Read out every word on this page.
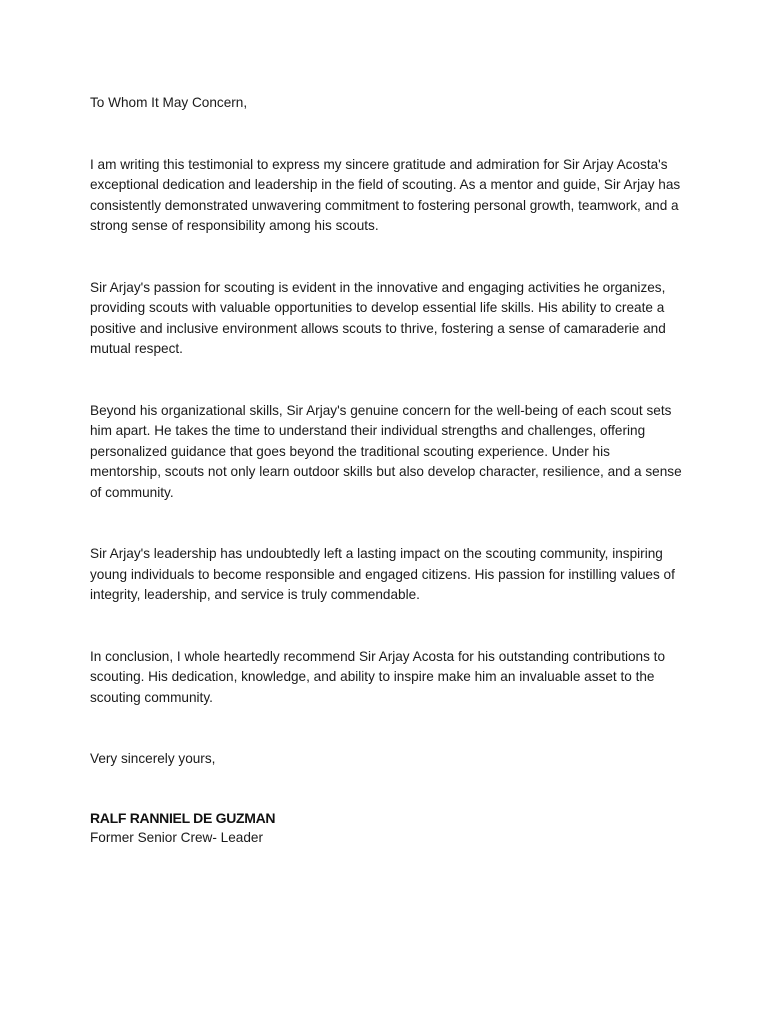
To Whom It May Concern,

I am writing this testimonial to express my sincere gratitude and admiration for Sir Arjay Acosta's exceptional dedication and leadership in the field of scouting. As a mentor and guide, Sir Arjay has consistently demonstrated unwavering commitment to fostering personal growth, teamwork, and a strong sense of responsibility among his scouts.

Sir Arjay's passion for scouting is evident in the innovative and engaging activities he organizes, providing scouts with valuable opportunities to develop essential life skills. His ability to create a positive and inclusive environment allows scouts to thrive, fostering a sense of camaraderie and mutual respect.

Beyond his organizational skills, Sir Arjay's genuine concern for the well-being of each scout sets him apart. He takes the time to understand their individual strengths and challenges, offering personalized guidance that goes beyond the traditional scouting experience. Under his mentorship, scouts not only learn outdoor skills but also develop character, resilience, and a sense of community.

Sir Arjay's leadership has undoubtedly left a lasting impact on the scouting community, inspiring young individuals to become responsible and engaged citizens. His passion for instilling values of integrity, leadership, and service is truly commendable.

In conclusion, I whole heartedly recommend Sir Arjay Acosta for his outstanding contributions to scouting. His dedication, knowledge, and ability to inspire make him an invaluable asset to the scouting community.

Very sincerely yours,

RALF RANNIEL DE GUZMAN

Former Senior Crew- Leader
